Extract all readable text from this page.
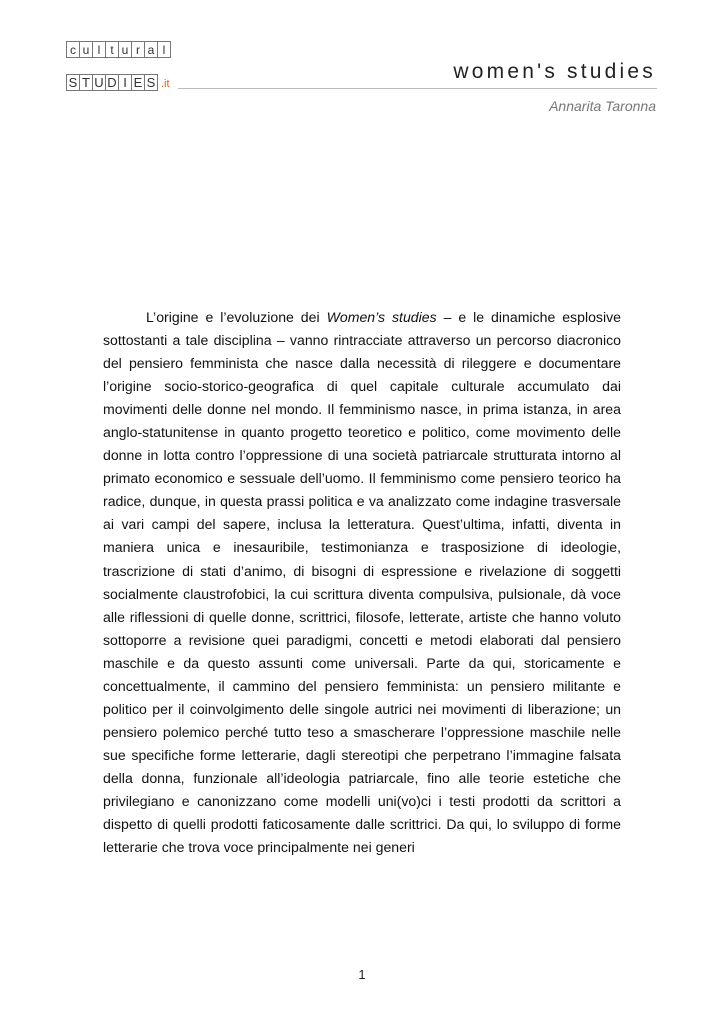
c u l t u r a l
S T U D I E S .it
women's studies
Annarita Taronna

L’origine e l’evoluzione dei Women’s studies – e le dinamiche esplosive sottostanti a tale disciplina – vanno rintracciate attraverso un percorso diacronico del pensiero femminista che nasce dalla necessità di rileggere e documentare l’origine socio-storico-geografica di quel capitale culturale accumulato dai movimenti delle donne nel mondo. Il femminismo nasce, in prima istanza, in area anglo-statunitense in quanto progetto teoretico e politico, come movimento delle donne in lotta contro l’oppressione di una società patriarcale strutturata intorno al primato economico e sessuale dell’uomo. Il femminismo come pensiero teorico ha radice, dunque, in questa prassi politica e va analizzato come indagine trasversale ai vari campi del sapere, inclusa la letteratura. Quest’ultima, infatti, diventa in maniera unica e inesauribile, testimonianza e trasposizione di ideologie, trascrizione di stati d’animo, di bisogni di espressione e rivelazione di soggetti socialmente claustrofobici, la cui scrittura diventa compulsiva, pulsionale, dà voce alle riflessioni di quelle donne, scrittrici, filosofe, letterate, artiste che hanno voluto sottoporre a revisione quei paradigmi, concetti e metodi elaborati dal pensiero maschile e da questo assunti come universali. Parte da qui, storicamente e concettualmente, il cammino del pensiero femminista: un pensiero militante e politico per il coinvolgimento delle singole autrici nei movimenti di liberazione; un pensiero polemico perché tutto teso a smascherare l’oppressione maschile nelle sue specifiche forme letterarie, dagli stereotipi che perpetrano l’immagine falsata della donna, funzionale all’ideologia patriarcale, fino alle teorie estetiche che privilegiano e canonizzano come modelli uni(vo)ci i testi prodotti da scrittori a dispetto di quelli prodotti faticosamente dalle scrittrici. Da qui, lo sviluppo di forme letterarie che trova voce principalmente nei generi

1
